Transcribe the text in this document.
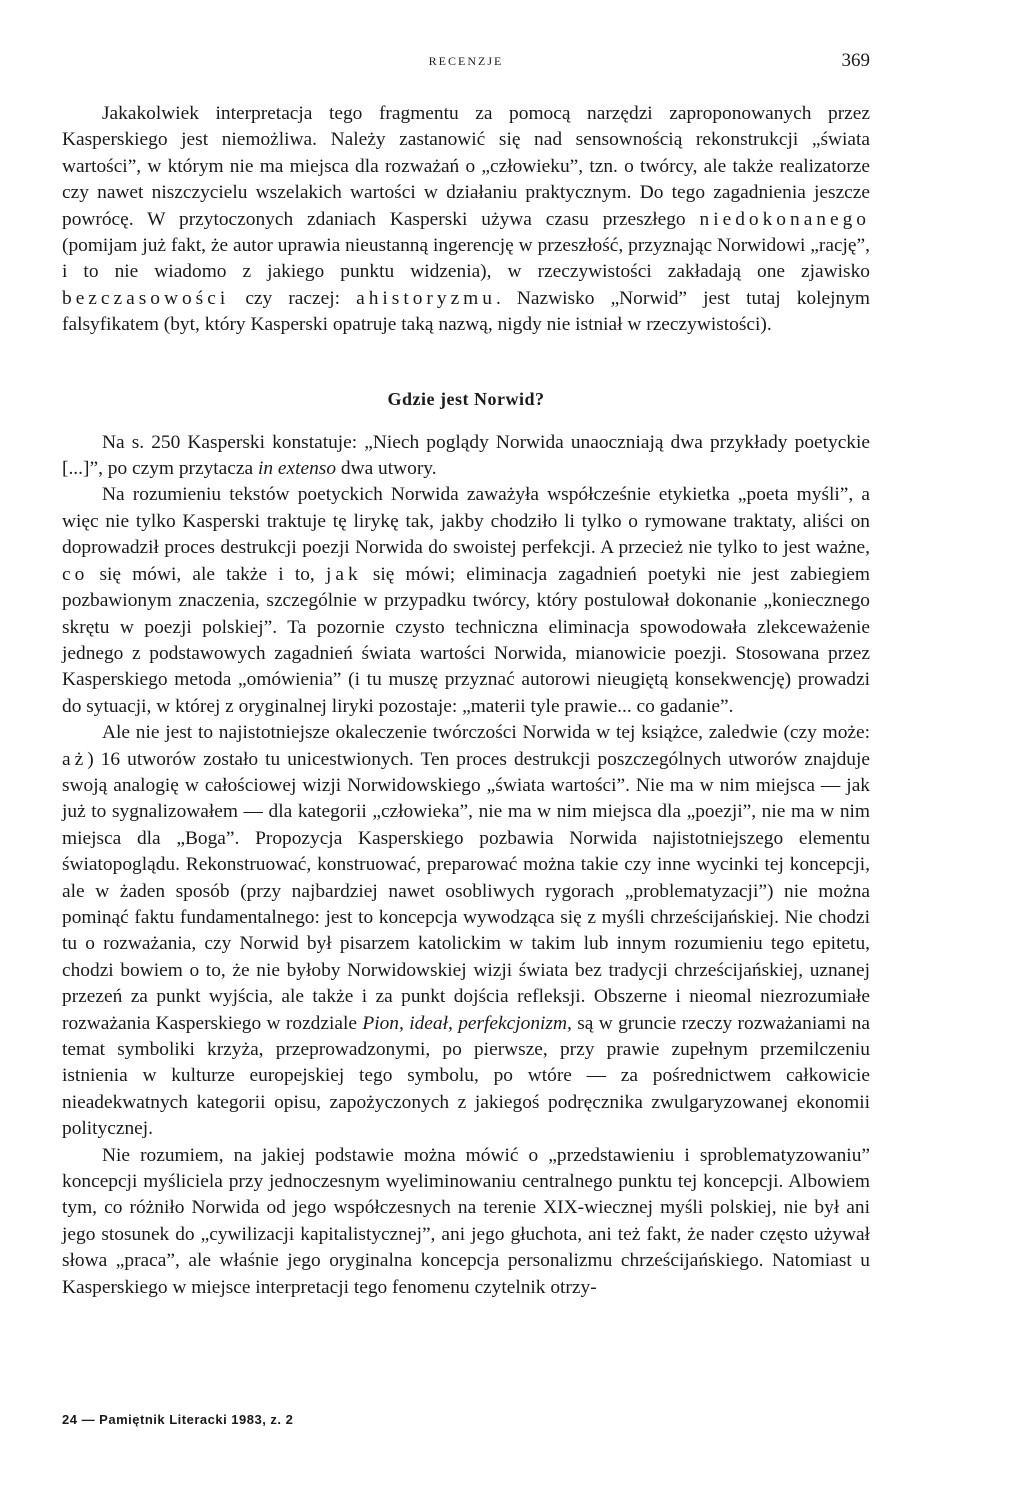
RECENZJE	369

Jakakolwiek interpretacja tego fragmentu za pomocą narzędzi zaproponowanych przez Kasperskiego jest niemożliwa. Należy zastanowić się nad sensownością rekonstrukcji „świata wartości”, w którym nie ma miejsca dla rozważań o „człowieku”, tzn. o twórcy, ale także realizatorze czy nawet niszczycielu wszelakich wartości w działaniu praktycznym. Do tego zagadnienia jeszcze powrócę. W przytoczonych zdaniach Kasperski używa czasu przeszłego niedokonanego (pomijam już fakt, że autor uprawia nieustanną ingerencję w przeszłość, przyznając Norwidowi „rację”, i to nie wiadomo z jakiego punktu widzenia), w rzeczywistości zakładają one zjawisko bezczasowości czy raczej: ahistoryzmu. Nazwisko „Norwid” jest tutaj kolejnym falsyfikatem (byt, który Kasperski opatruje taką nazwą, nigdy nie istniał w rzeczywistości).

Gdzie jest Norwid?

Na s. 250 Kasperski konstatuje: „Niech poglądy Norwida unaoczniają dwa przykłady poetyckie [...]”, po czym przytacza in extenso dwa utwory.

Na rozumieniu tekstów poetyckich Norwida zaważyła współcześnie etykietka „poeta myśli”, a więc nie tylko Kasperski traktuje tę lirykę tak, jakby chodziło li tylko o rymowane traktaty, aliści on doprowadził proces destrukcji poezji Norwida do swoistej perfekcji. A przecież nie tylko to jest ważne, co się mówi, ale także i to, jak się mówi; eliminacja zagadnień poetyki nie jest zabiegiem pozbawionym znaczenia, szczególnie w przypadku twórcy, który postulował dokonanie „koniecznego skrętu w poezji polskiej”. Ta pozornie czysto techniczna eliminacja spowodowała zlekceważenie jednego z podstawowych zagadnień świata wartości Norwida, mianowicie poezji. Stosowana przez Kasperskiego metoda „omówienia” (i tu muszę przyznać autorowi nieugiętą konsekwencję) prowadzi do sytuacji, w której z oryginalnej liryki pozostaje: „materii tyle prawie... co gadanie”.

Ale nie jest to najistotniejsze okaleczenie twórczości Norwida w tej książce, zaledwie (czy może: aż) 16 utworów zostało tu unicestwionych. Ten proces destrukcji poszczególnych utworów znajduje swoją analogię w całościowej wizji Norwidowskiego „świata wartości”. Nie ma w nim miejsca — jak już to sygnalizowałem — dla kategorii „człowieka”, nie ma w nim miejsca dla „poezji”, nie ma w nim miejsca dla „Boga”. Propozycja Kasperskiego pozbawia Norwida najistotniejszego elementu światopoglądu. Rekonstruować, konstruować, preparować można takie czy inne wycinki tej koncepcji, ale w żaden sposób (przy najbardziej nawet osobliwych rygorach „problematyzacji”) nie można pominąć faktu fundamentalnego: jest to koncepcja wywodząca się z myśli chrześcijańskiej. Nie chodzi tu o rozważania, czy Norwid był pisarzem katolickim w takim lub innym rozumieniu tego epitetu, chodzi bowiem o to, że nie byłoby Norwidowskiej wizji świata bez tradycji chrześcijańskiej, uznanej przezeń za punkt wyjścia, ale także i za punkt dojścia refleksji. Obszerne i nieomal niezrozumiałe rozważania Kasperskiego w rozdziale Pion, ideał, perfekcjonizm, są w gruncie rzeczy rozważaniami na temat symboliki krzyża, przeprowadzonymi, po pierwsze, przy prawie zupełnym przemilczeniu istnienia w kulturze europejskiej tego symbolu, po wtóre — za pośrednictwem całkowicie nieadekwatnych kategorii opisu, zapożyczonych z jakiegoś podręcznika zwulgaryzowanej ekonomii politycznej.

Nie rozumiem, na jakiej podstawie można mówić o „przedstawieniu i sproblematyzowaniu” koncepcji myśliciela przy jednoczesnym wyeliminowaniu centralnego punktu tej koncepcji. Albowiem tym, co różniło Norwida od jego współczesnych na terenie XIX-wiecznej myśli polskiej, nie był ani jego stosunek do „cywilizacji kapitalistycznej”, ani jego głuchota, ani też fakt, że nader często używał słowa „praca”, ale właśnie jego oryginalna koncepcja personalizmu chrześcijańskiego. Natomiast u Kasperskiego w miejsce interpretacji tego fenomenu czytelnik otrzy-

24 — Pamiętnik Literacki 1983, z. 2
